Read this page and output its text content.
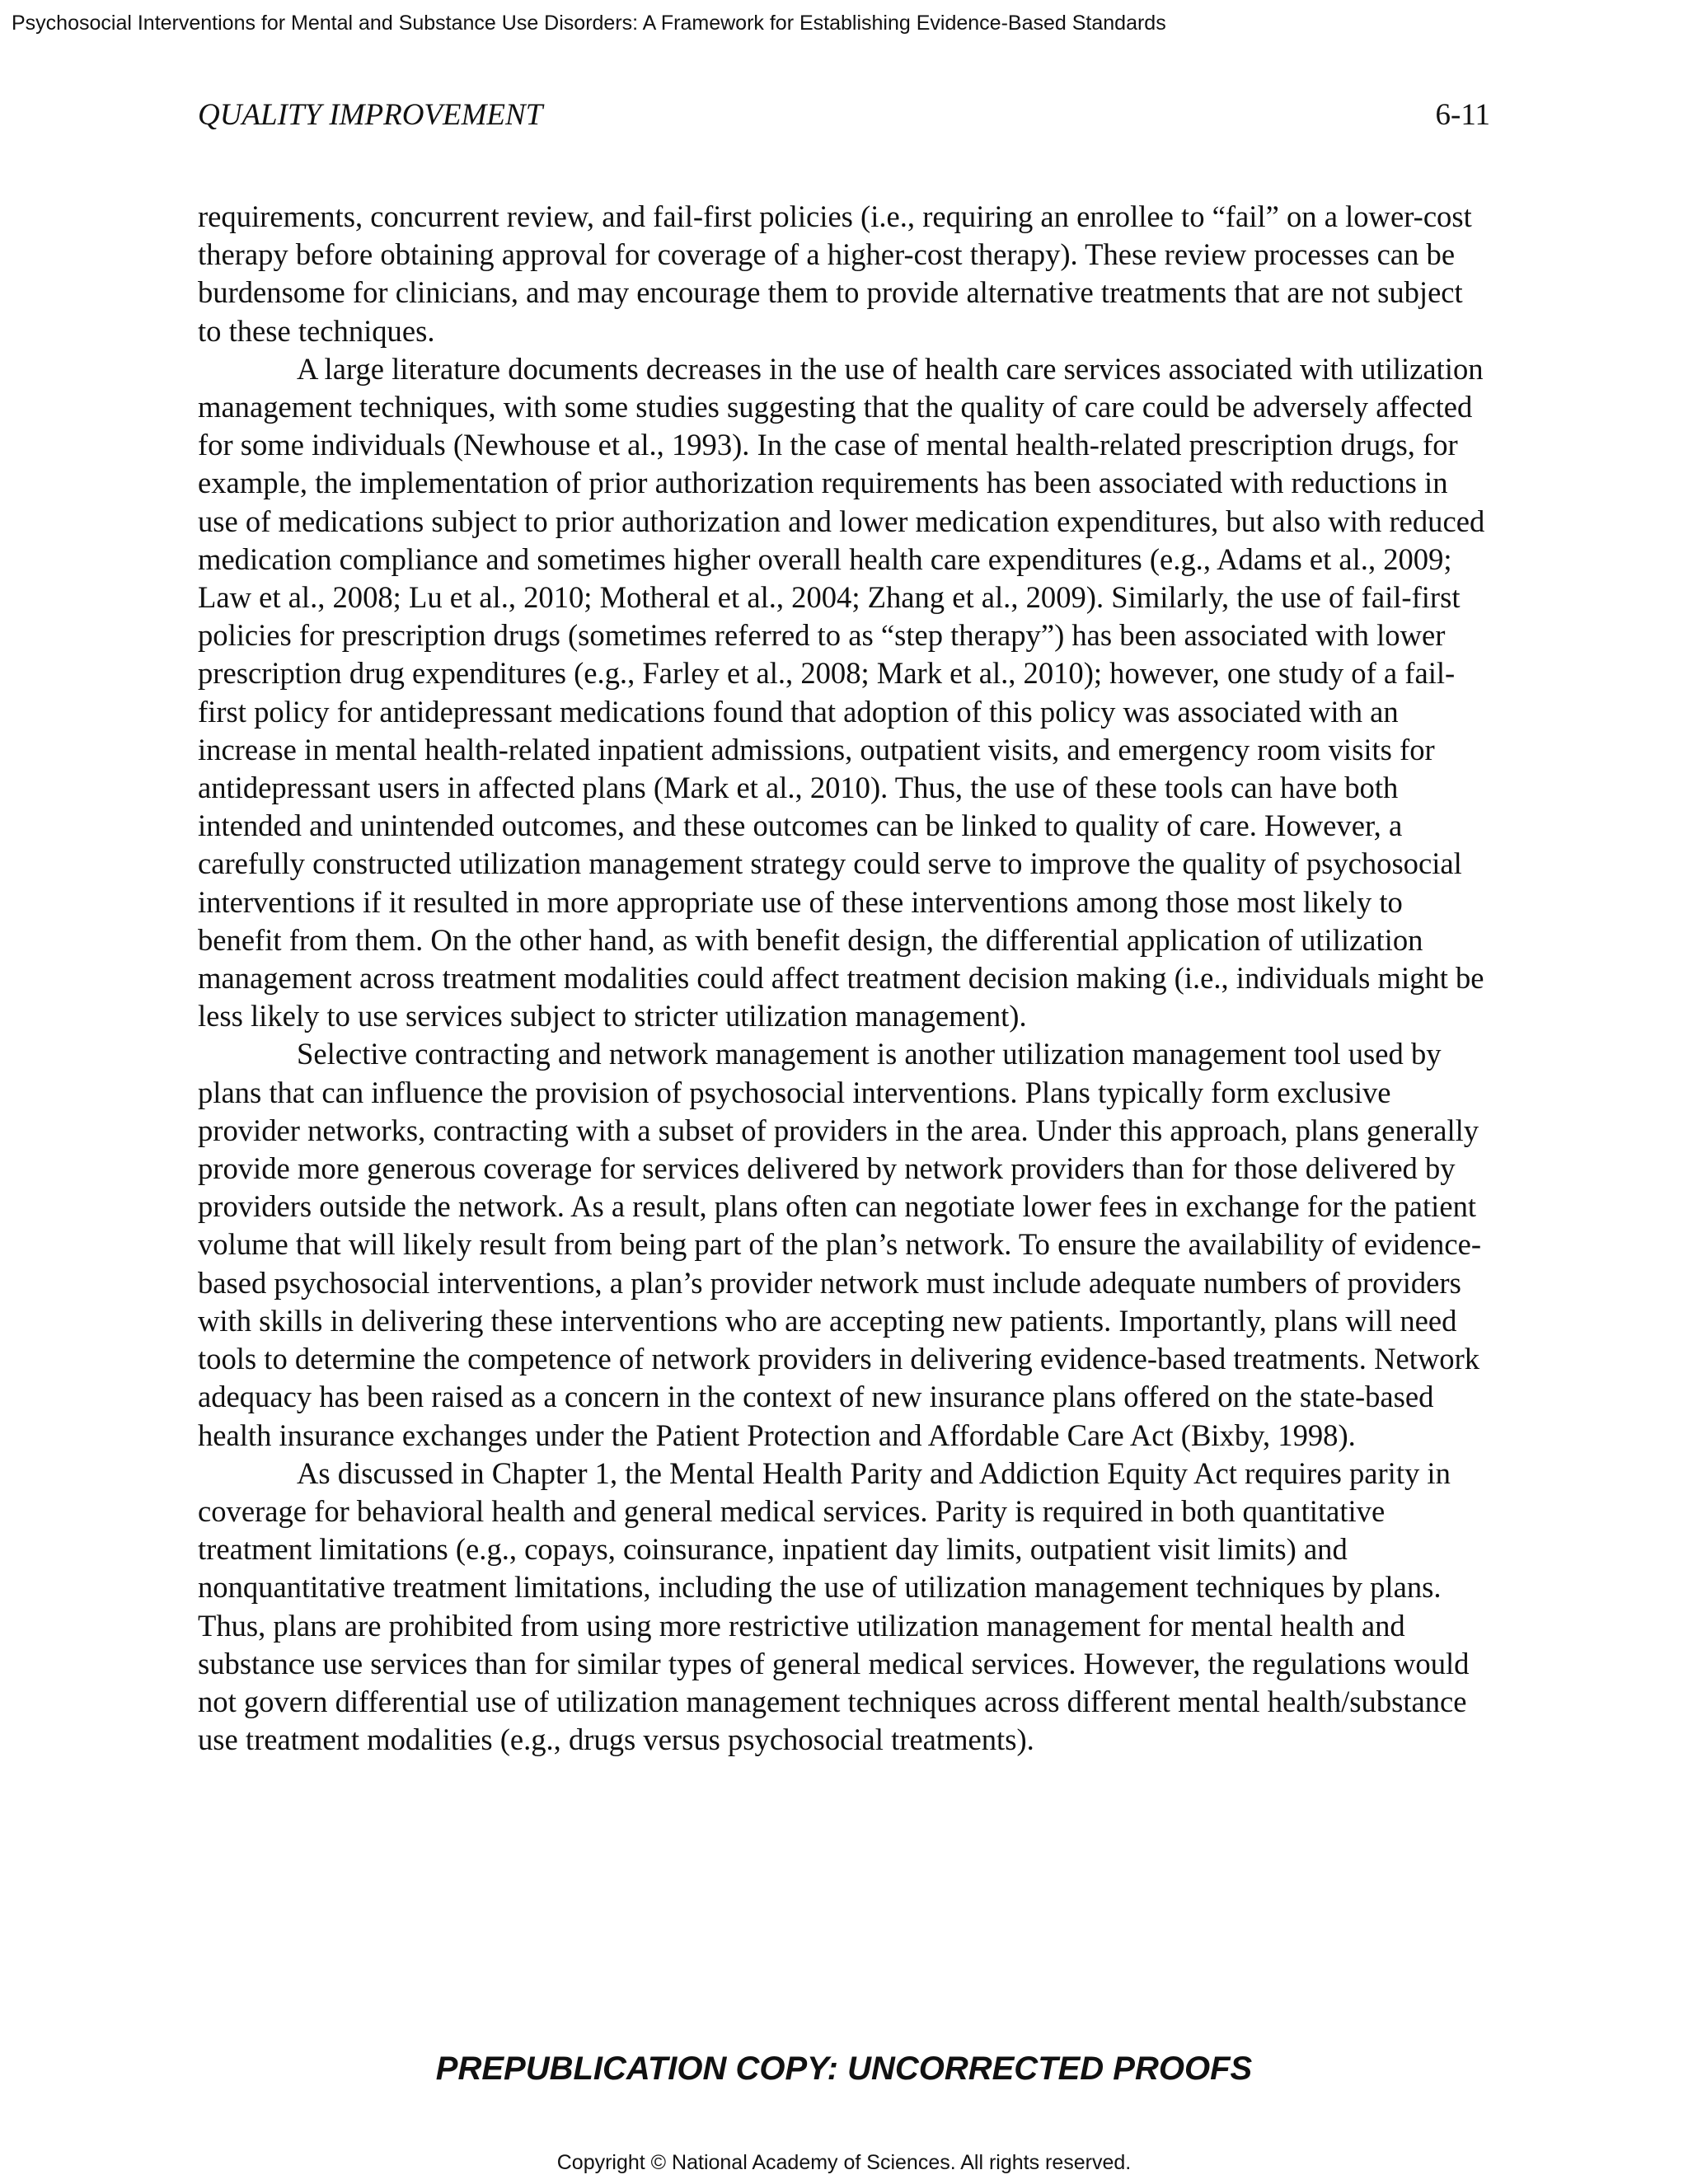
Psychosocial Interventions for Mental and Substance Use Disorders: A Framework for Establishing Evidence-Based Standards
QUALITY IMPROVEMENT	6-11

requirements, concurrent review, and fail-first policies (i.e., requiring an enrollee to “fail” on a lower-cost therapy before obtaining approval for coverage of a higher-cost therapy). These review processes can be burdensome for clinicians, and may encourage them to provide alternative treatments that are not subject to these techniques.

A large literature documents decreases in the use of health care services associated with utilization management techniques, with some studies suggesting that the quality of care could be adversely affected for some individuals (Newhouse et al., 1993). In the case of mental health-related prescription drugs, for example, the implementation of prior authorization requirements has been associated with reductions in use of medications subject to prior authorization and lower medication expenditures, but also with reduced medication compliance and sometimes higher overall health care expenditures (e.g., Adams et al., 2009; Law et al., 2008; Lu et al., 2010; Motheral et al., 2004; Zhang et al., 2009). Similarly, the use of fail-first policies for prescription drugs (sometimes referred to as “step therapy”) has been associated with lower prescription drug expenditures (e.g., Farley et al., 2008; Mark et al., 2010); however, one study of a fail-first policy for antidepressant medications found that adoption of this policy was associated with an increase in mental health-related inpatient admissions, outpatient visits, and emergency room visits for antidepressant users in affected plans (Mark et al., 2010). Thus, the use of these tools can have both intended and unintended outcomes, and these outcomes can be linked to quality of care. However, a carefully constructed utilization management strategy could serve to improve the quality of psychosocial interventions if it resulted in more appropriate use of these interventions among those most likely to benefit from them. On the other hand, as with benefit design, the differential application of utilization management across treatment modalities could affect treatment decision making (i.e., individuals might be less likely to use services subject to stricter utilization management).

Selective contracting and network management is another utilization management tool used by plans that can influence the provision of psychosocial interventions. Plans typically form exclusive provider networks, contracting with a subset of providers in the area. Under this approach, plans generally provide more generous coverage for services delivered by network providers than for those delivered by providers outside the network. As a result, plans often can negotiate lower fees in exchange for the patient volume that will likely result from being part of the plan’s network. To ensure the availability of evidence-based psychosocial interventions, a plan’s provider network must include adequate numbers of providers with skills in delivering these interventions who are accepting new patients. Importantly, plans will need tools to determine the competence of network providers in delivering evidence-based treatments. Network adequacy has been raised as a concern in the context of new insurance plans offered on the state-based health insurance exchanges under the Patient Protection and Affordable Care Act (Bixby, 1998).

As discussed in Chapter 1, the Mental Health Parity and Addiction Equity Act requires parity in coverage for behavioral health and general medical services. Parity is required in both quantitative treatment limitations (e.g., copays, coinsurance, inpatient day limits, outpatient visit limits) and nonquantitative treatment limitations, including the use of utilization management techniques by plans. Thus, plans are prohibited from using more restrictive utilization management for mental health and substance use services than for similar types of general medical services. However, the regulations would not govern differential use of utilization management techniques across different mental health/substance use treatment modalities (e.g., drugs versus psychosocial treatments).

PREPUBLICATION COPY: UNCORRECTED PROOFS
Copyright © National Academy of Sciences. All rights reserved.
